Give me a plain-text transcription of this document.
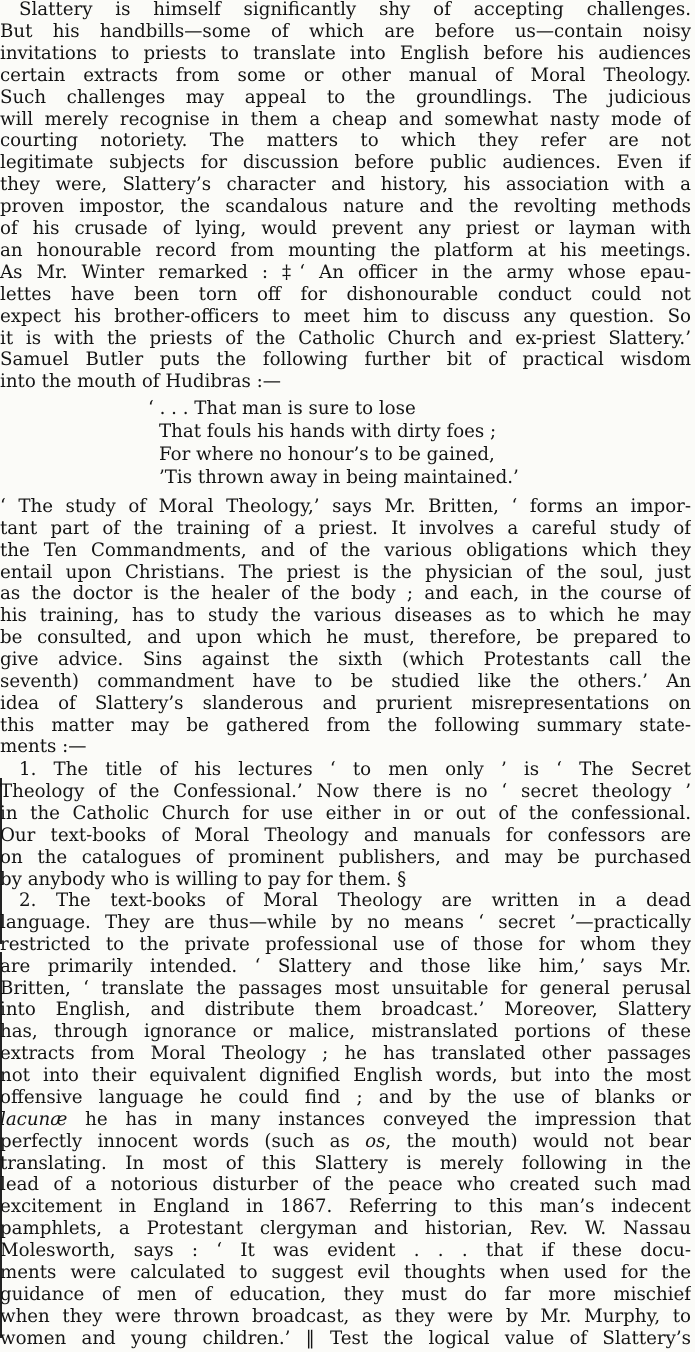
Slattery is himself significantly shy of accepting challenges.
But his handbills—some of which are before us—contain noisy
invitations to priests to translate into English before his audiences
certain extracts from some or other manual of Moral Theology.
Such challenges may appeal to the groundlings. The judicious
will merely recognise in them a cheap and somewhat nasty mode of
courting notoriety. The matters to which they refer are not
legitimate subjects for discussion before public audiences. Even if
they were, Slattery’s character and history, his association with a
proven impostor, the scandalous nature and the revolting methods
of his crusade of lying, would prevent any priest or layman with
an honourable record from mounting the platform at his meetings.
As Mr. Winter remarked : ‡‘ An officer in the army whose epau-
lettes have been torn off for dishonourable conduct could not
expect his brother-officers to meet him to discuss any question. So
it is with the priests of the Catholic Church and ex-priest Slattery.’
Samuel Butler puts the following further bit of practical wisdom
into the mouth of Hudibras :—
‘ . . . That man is sure to lose
That fouls his hands with dirty foes ;
For where no honour’s to be gained,
’Tis thrown away in being maintained.’
‘ The study of Moral Theology,’ says Mr. Britten, ‘ forms an impor-
tant part of the training of a priest. It involves a careful study of
the Ten Commandments, and of the various obligations which they
entail upon Christians. The priest is the physician of the soul, just
as the doctor is the healer of the body ; and each, in the course of
his training, has to study the various diseases as to which he may
be consulted, and upon which he must, therefore, be prepared to
give advice. Sins against the sixth (which Protestants call the
seventh) commandment have to be studied like the others.’ An
idea of Slattery’s slanderous and prurient misrepresentations on
this matter may be gathered from the following summary state-
ments :—
1. The title of his lectures ‘ to men only ’ is ‘ The Secret
Theology of the Confessional.’ Now there is no ‘ secret theology ’
in the Catholic Church for use either in or out of the confessional.
Our text-books of Moral Theology and manuals for confessors are
on the catalogues of prominent publishers, and may be purchased
by anybody who is willing to pay for them. §
2. The text-books of Moral Theology are written in a dead
language. They are thus—while by no means ‘ secret ’—practically
restricted to the private professional use of those for whom they
are primarily intended. ‘ Slattery and those like him,’ says Mr.
Britten, ‘ translate the passages most unsuitable for general perusal
into English, and distribute them broadcast.’ Moreover, Slattery
has, through ignorance or malice, mistranslated portions of these
extracts from Moral Theology ; he has translated other passages
not into their equivalent dignified English words, but into the most
offensive language he could find ; and by the use of blanks or
lacunæ he has in many instances conveyed the impression that
perfectly innocent words (such as os, the mouth) would not bear
translating. In most of this Slattery is merely following in the
lead of a notorious disturber of the peace who created such mad
excitement in England in 1867. Referring to this man’s indecent
pamphlets, a Protestant clergyman and historian, Rev. W. Nassau
Molesworth, says : ‘ It was evident . . . that if these docu-
ments were calculated to suggest evil thoughts when used for the
guidance of men of education, they must do far more mischief
when they were thrown broadcast, as they were by Mr. Murphy, to
women and young children.’ ‖ Test the logical value of Slattery’s
